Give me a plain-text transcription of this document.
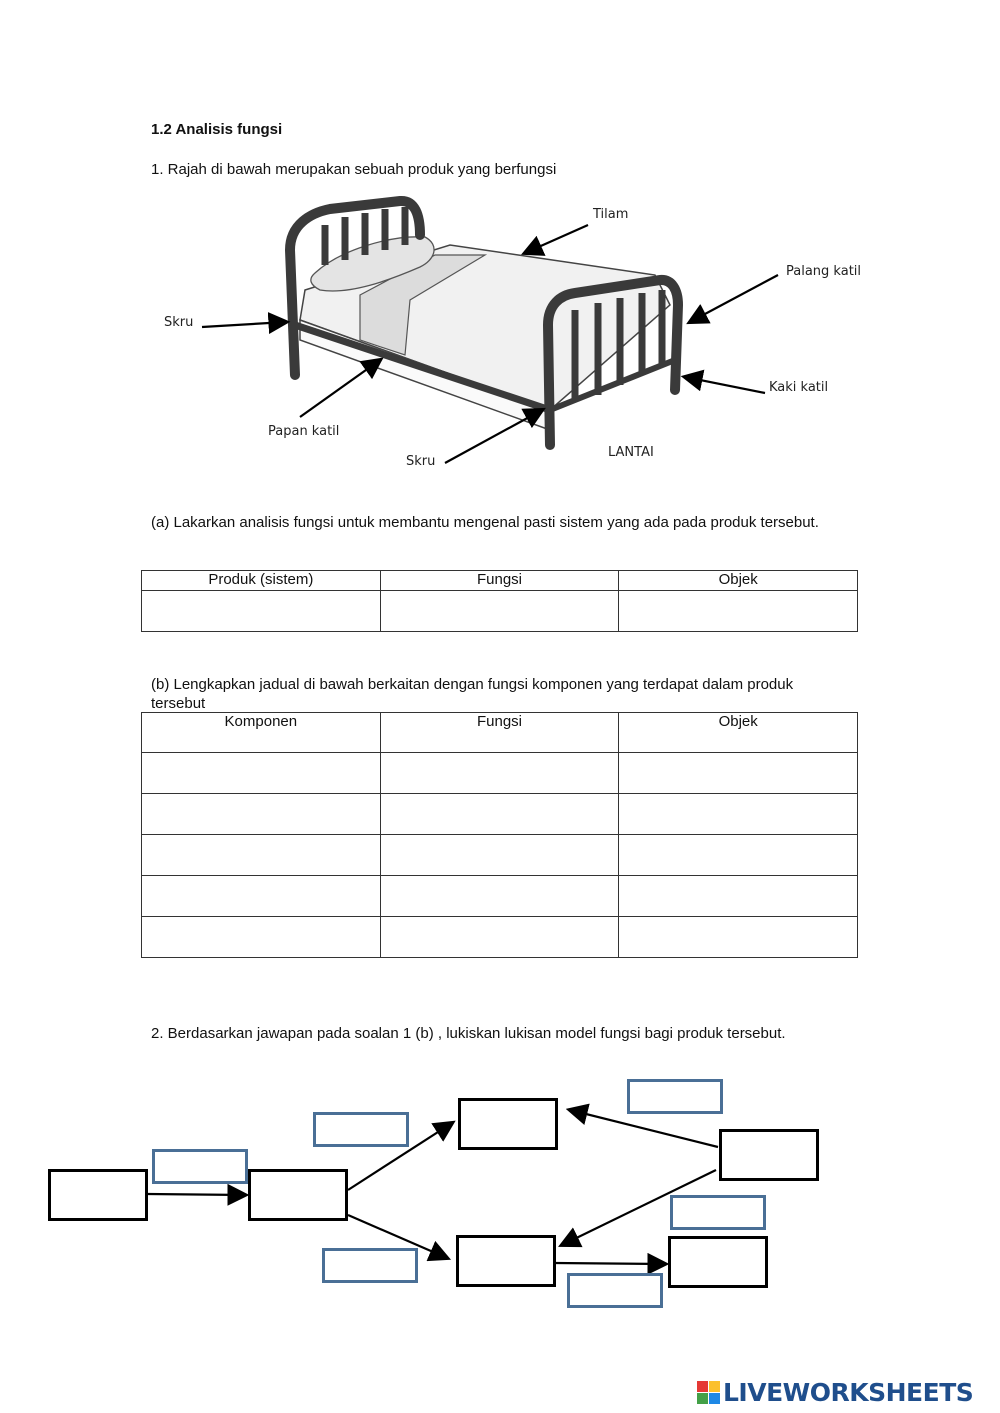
1.2 Analisis fungsi
1. Rajah di bawah merupakan sebuah produk yang berfungsi
Tilam
Palang katil
Skru
Kaki katil
Papan katil
Skru
LANTAI
(a) Lakarkan analisis fungsi untuk membantu mengenal pasti sistem yang ada pada produk tersebut.
Produk (sistem)	Fungsi	Objek

(b) Lengkapkan jadual di bawah berkaitan dengan fungsi komponen yang terdapat dalam produk tersebut
Komponen	Fungsi	Objek

2. Berdasarkan jawapan pada soalan 1 (b) , lukiskan lukisan model fungsi bagi produk tersebut.
LIVEWORKSHEETS
